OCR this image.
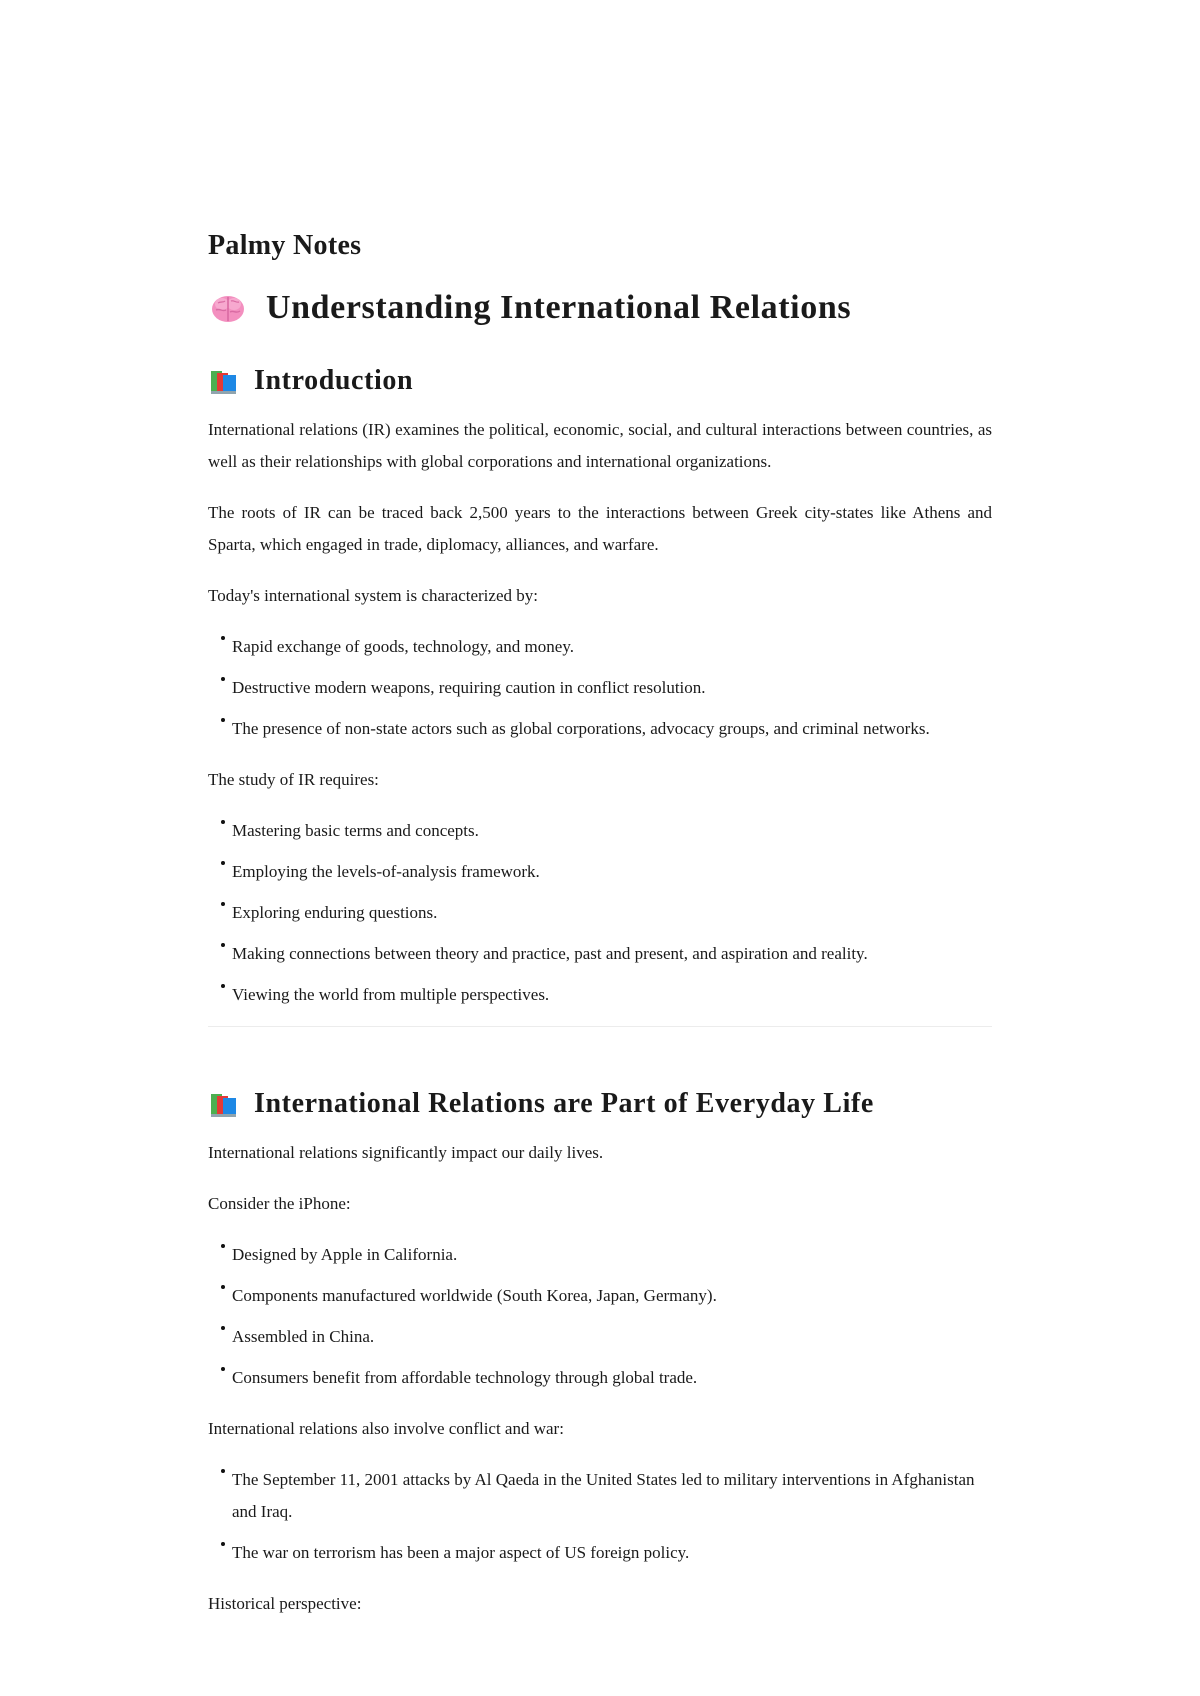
Palmy Notes
Understanding International Relations
Introduction

International relations (IR) examines the political, economic, social, and cultural interactions between countries, as well as their relationships with global corporations and international organizations.

The roots of IR can be traced back 2,500 years to the interactions between Greek city-states like Athens and Sparta, which engaged in trade, diplomacy, alliances, and warfare.

Today's international system is characterized by:

Rapid exchange of goods, technology, and money.
Destructive modern weapons, requiring caution in conflict resolution.
The presence of non-state actors such as global corporations, advocacy groups, and criminal networks.

The study of IR requires:

Mastering basic terms and concepts.
Employing the levels-of-analysis framework.
Exploring enduring questions.
Making connections between theory and practice, past and present, and aspiration and reality.
Viewing the world from multiple perspectives.
International Relations are Part of Everyday Life

International relations significantly impact our daily lives.

Consider the iPhone:

Designed by Apple in California.
Components manufactured worldwide (South Korea, Japan, Germany).
Assembled in China.
Consumers benefit from affordable technology through global trade.

International relations also involve conflict and war:

The September 11, 2001 attacks by Al Qaeda in the United States led to military interventions in Afghanistan and Iraq.
The war on terrorism has been a major aspect of US foreign policy.

Historical perspective:
